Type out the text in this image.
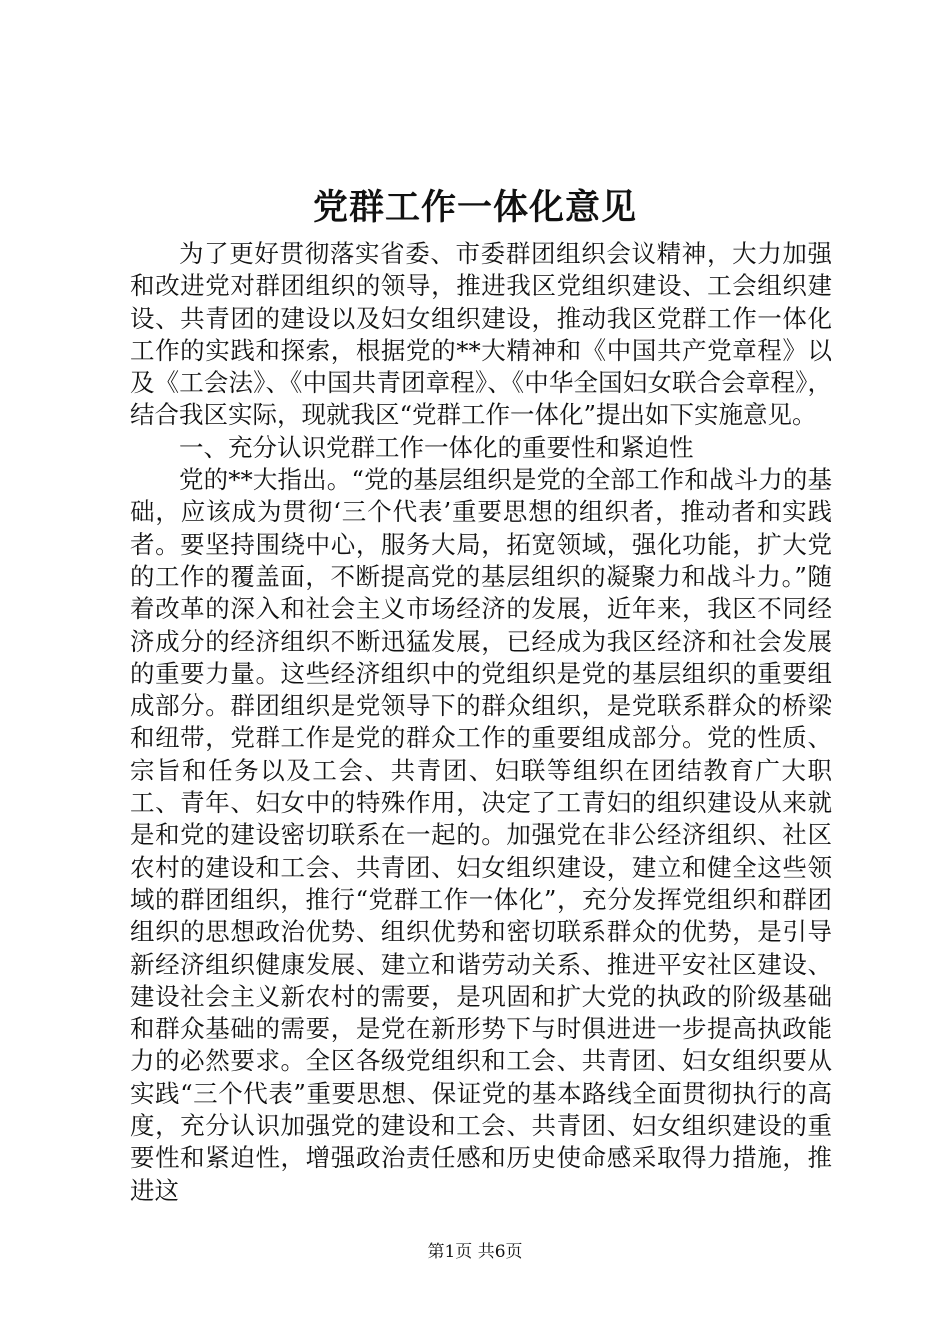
党群工作一体化意见

为了更好贯彻落实省委、市委群团组织会议精神，大力加强和改进党对群团组织的领导，推进我区党组织建设、工会组织建设、共青团的建设以及妇女组织建设，推动我区党群工作一体化工作的实践和探索，根据党的**大精神和《中国共产党章程》以及《工会法》、《中国共青团章程》、《中华全国妇女联合会章程》，结合我区实际，现就我区“党群工作一体化”提出如下实施意见。

一、充分认识党群工作一体化的重要性和紧迫性

党的**大指出。“党的基层组织是党的全部工作和战斗力的基础，应该成为贯彻‘三个代表’重要思想的组织者，推动者和实践者。要坚持围绕中心，服务大局，拓宽领域，强化功能，扩大党的工作的覆盖面，不断提高党的基层组织的凝聚力和战斗力。”随着改革的深入和社会主义市场经济的发展，近年来，我区不同经济成分的经济组织不断迅猛发展，已经成为我区经济和社会发展的重要力量。这些经济组织中的党组织是党的基层组织的重要组成部分。群团组织是党领导下的群众组织，是党联系群众的桥梁和纽带，党群工作是党的群众工作的重要组成部分。党的性质、宗旨和任务以及工会、共青团、妇联等组织在团结教育广大职工、青年、妇女中的特殊作用，决定了工青妇的组织建设从来就是和党的建设密切联系在一起的。加强党在非公经济组织、社区农村的建设和工会、共青团、妇女组织建设，建立和健全这些领域的群团组织，推行“党群工作一体化”，充分发挥党组织和群团组织的思想政治优势、组织优势和密切联系群众的优势，是引导新经济组织健康发展、建立和谐劳动关系、推进平安社区建设、建设社会主义新农村的需要，是巩固和扩大党的执政的阶级基础和群众基础的需要，是党在新形势下与时俱进进一步提高执政能力的必然要求。全区各级党组织和工会、共青团、妇女组织要从实践“三个代表”重要思想、保证党的基本路线全面贯彻执行的高度，充分认识加强党的建设和工会、共青团、妇女组织建设的重要性和紧迫性，增强政治责任感和历史使命感采取得力措施，推进这

第1页 共6页
